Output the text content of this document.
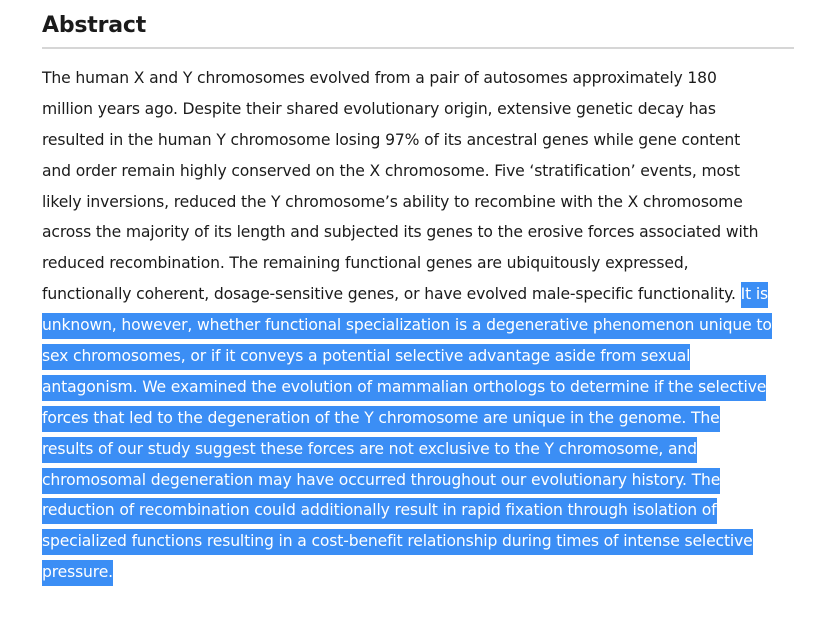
Abstract
The human X and Y chromosomes evolved from a pair of autosomes approximately 180
million years ago. Despite their shared evolutionary origin, extensive genetic decay has
resulted in the human Y chromosome losing 97% of its ancestral genes while gene content
and order remain highly conserved on the X chromosome. Five ‘stratification’ events, most
likely inversions, reduced the Y chromosome’s ability to recombine with the X chromosome
across the majority of its length and subjected its genes to the erosive forces associated with
reduced recombination. The remaining functional genes are ubiquitously expressed,
functionally coherent, dosage-sensitive genes, or have evolved male-specific functionality. It is
unknown, however, whether functional specialization is a degenerative phenomenon unique to
sex chromosomes, or if it conveys a potential selective advantage aside from sexual
antagonism. We examined the evolution of mammalian orthologs to determine if the selective
forces that led to the degeneration of the Y chromosome are unique in the genome. The
results of our study suggest these forces are not exclusive to the Y chromosome, and
chromosomal degeneration may have occurred throughout our evolutionary history. The
reduction of recombination could additionally result in rapid fixation through isolation of
specialized functions resulting in a cost-benefit relationship during times of intense selective
pressure.
